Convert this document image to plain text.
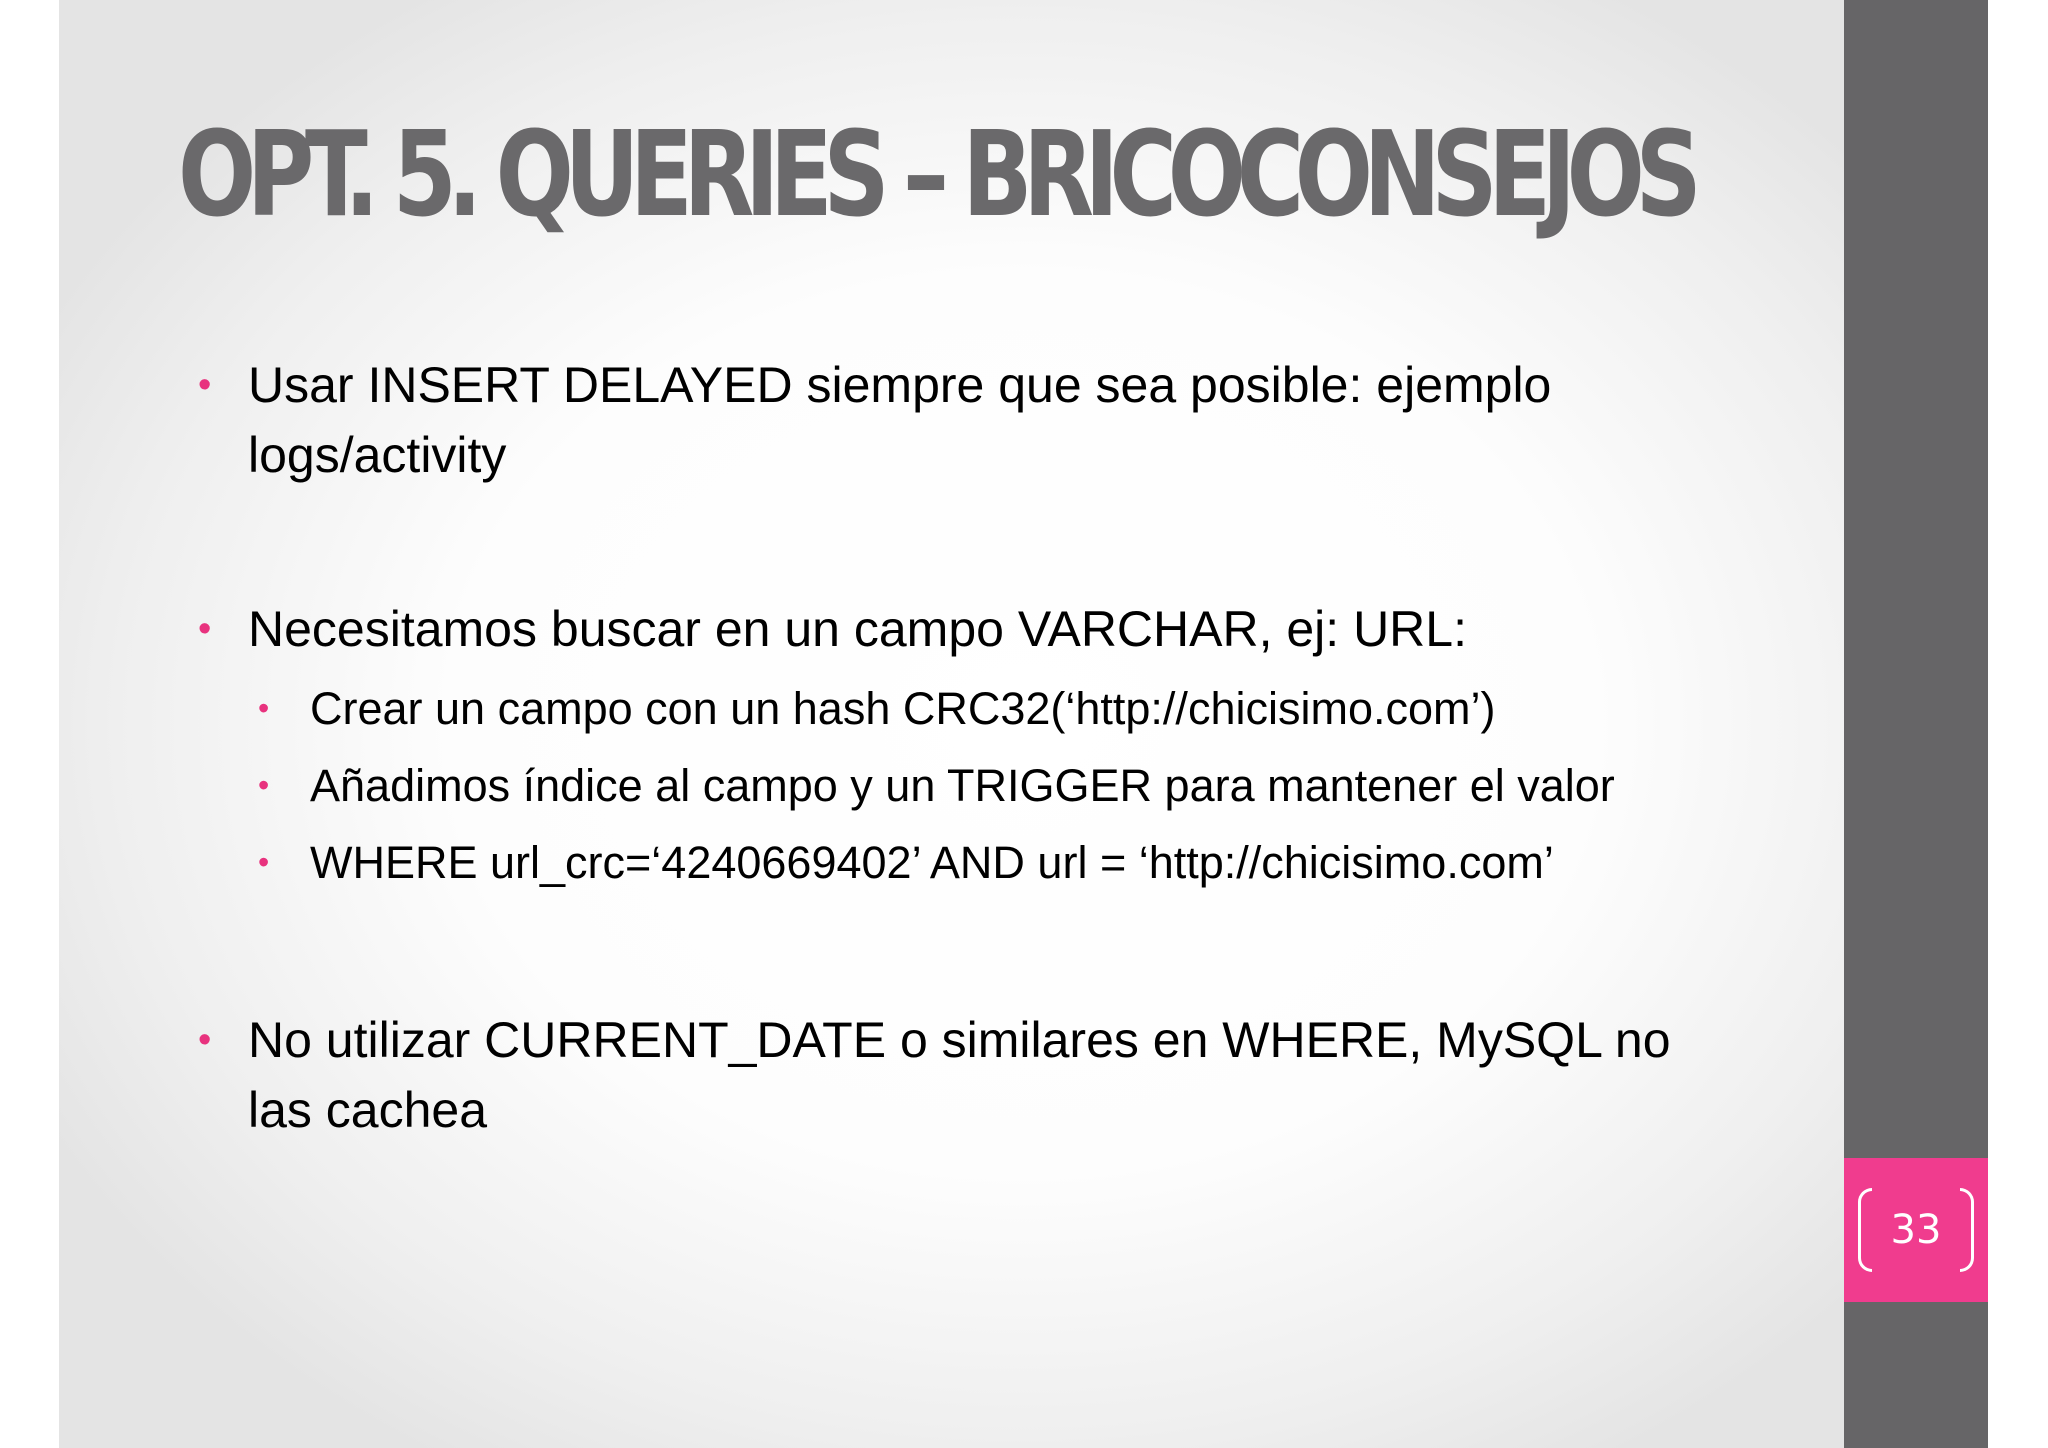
33
OPT. 5. QUERIES – BRICOCONSEJOS
• Usar INSERT DELAYED siempre que sea posible: ejemplo logs/activity
• Necesitamos buscar en un campo VARCHAR, ej: URL:
• Crear un campo con un hash CRC32(‘http://chicisimo.com’)
• Añadimos índice al campo y un TRIGGER para mantener el valor
• WHERE url_crc=‘4240669402’ AND url = ‘http://chicisimo.com’
• No utilizar CURRENT_DATE o similares en WHERE, MySQL no las cachea
